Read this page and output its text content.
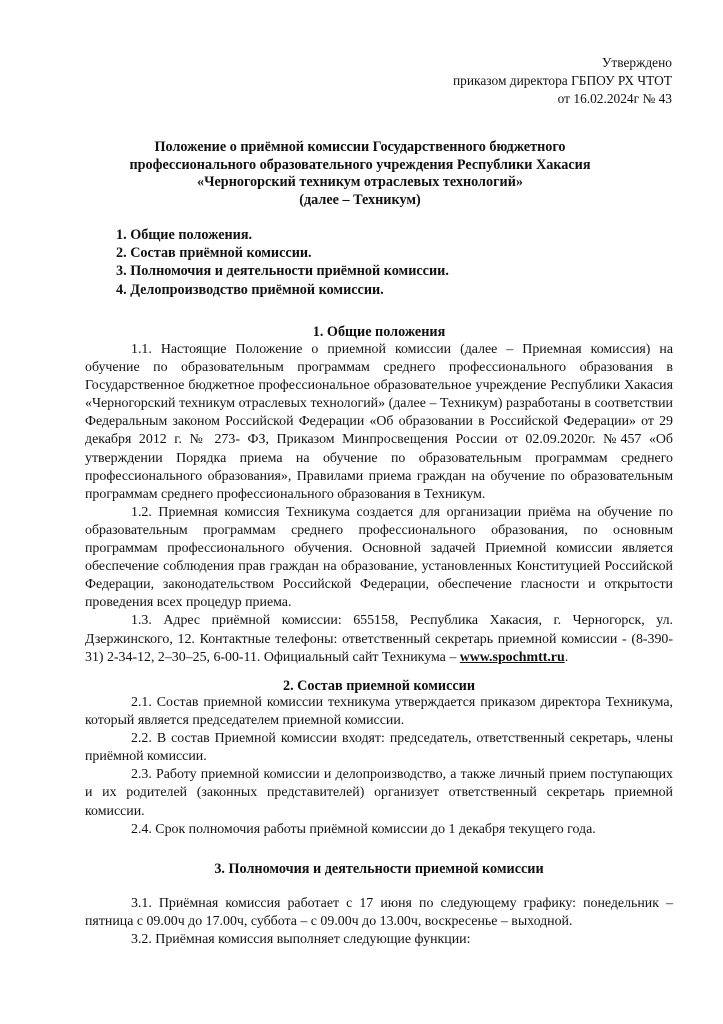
Утверждено
приказом директора ГБПОУ РХ ЧТОТ
от 16.02.2024г № 43
Положение о приёмной комиссии Государственного бюджетного
профессионального образовательного учреждения Республики Хакасия
«Черногорский техникум отраслевых технологий»
(далее – Техникум)
1. Общие положения.
2. Состав приёмной комиссии.
3. Полномочия и деятельности приёмной комиссии.
4. Делопроизводство приёмной комиссии.
1. Общие положения

1.1. Настоящие Положение о приемной комиссии (далее – Приемная комиссия) на обучение по образовательным программам среднего профессионального образования в Государственное бюджетное профессиональное образовательное учреждение Республики Хакасия «Черногорский техникум отраслевых технологий» (далее – Техникум) разработаны в соответствии Федеральным законом Российской Федерации «Об образовании в Российской Федерации» от 29 декабря 2012 г. № 273- ФЗ, Приказом Минпросвещения России от 02.09.2020г. №457 «Об утверждении Порядка приема на обучение по образовательным программам среднего профессионального образования», Правилами приема граждан на обучение по образовательным программам среднего профессионального образования в Техникум.

1.2. Приемная комиссия Техникума создается для организации приёма на обучение по образовательным программам среднего профессионального образования, по основным программам профессионального обучения. Основной задачей Приемной комиссии является обеспечение соблюдения прав граждан на образование, установленных Конституцией Российской Федерации, законодательством Российской Федерации, обеспечение гласности и открытости проведения всех процедур приема.

1.3. Адрес приёмной комиссии: 655158, Республика Хакасия, г. Черногорск, ул. Дзержинского, 12. Контактные телефоны: ответственный секретарь приемной комиссии - (8-390-31) 2-34-12, 2–30–25, 6-00-11. Официальный сайт Техникума – www.spochmtt.ru.

2. Состав приемной комиссии

2.1. Состав приемной комиссии техникума утверждается приказом директора Техникума, который является председателем приемной комиссии.

2.2. В состав Приемной комиссии входят: председатель, ответственный секретарь, члены приёмной комиссии.

2.3. Работу приемной комиссии и делопроизводство, а также личный прием поступающих и их родителей (законных представителей) организует ответственный секретарь приемной комиссии.

2.4. Срок полномочия работы приёмной комиссии до 1 декабря текущего года.

3. Полномочия и деятельности приемной комиссии

3.1. Приёмная комиссия работает с 17 июня по следующему графику: понедельник – пятница с 09.00ч до 17.00ч, суббота – с 09.00ч до 13.00ч, воскресенье – выходной.

3.2. Приёмная комиссия выполняет следующие функции:
